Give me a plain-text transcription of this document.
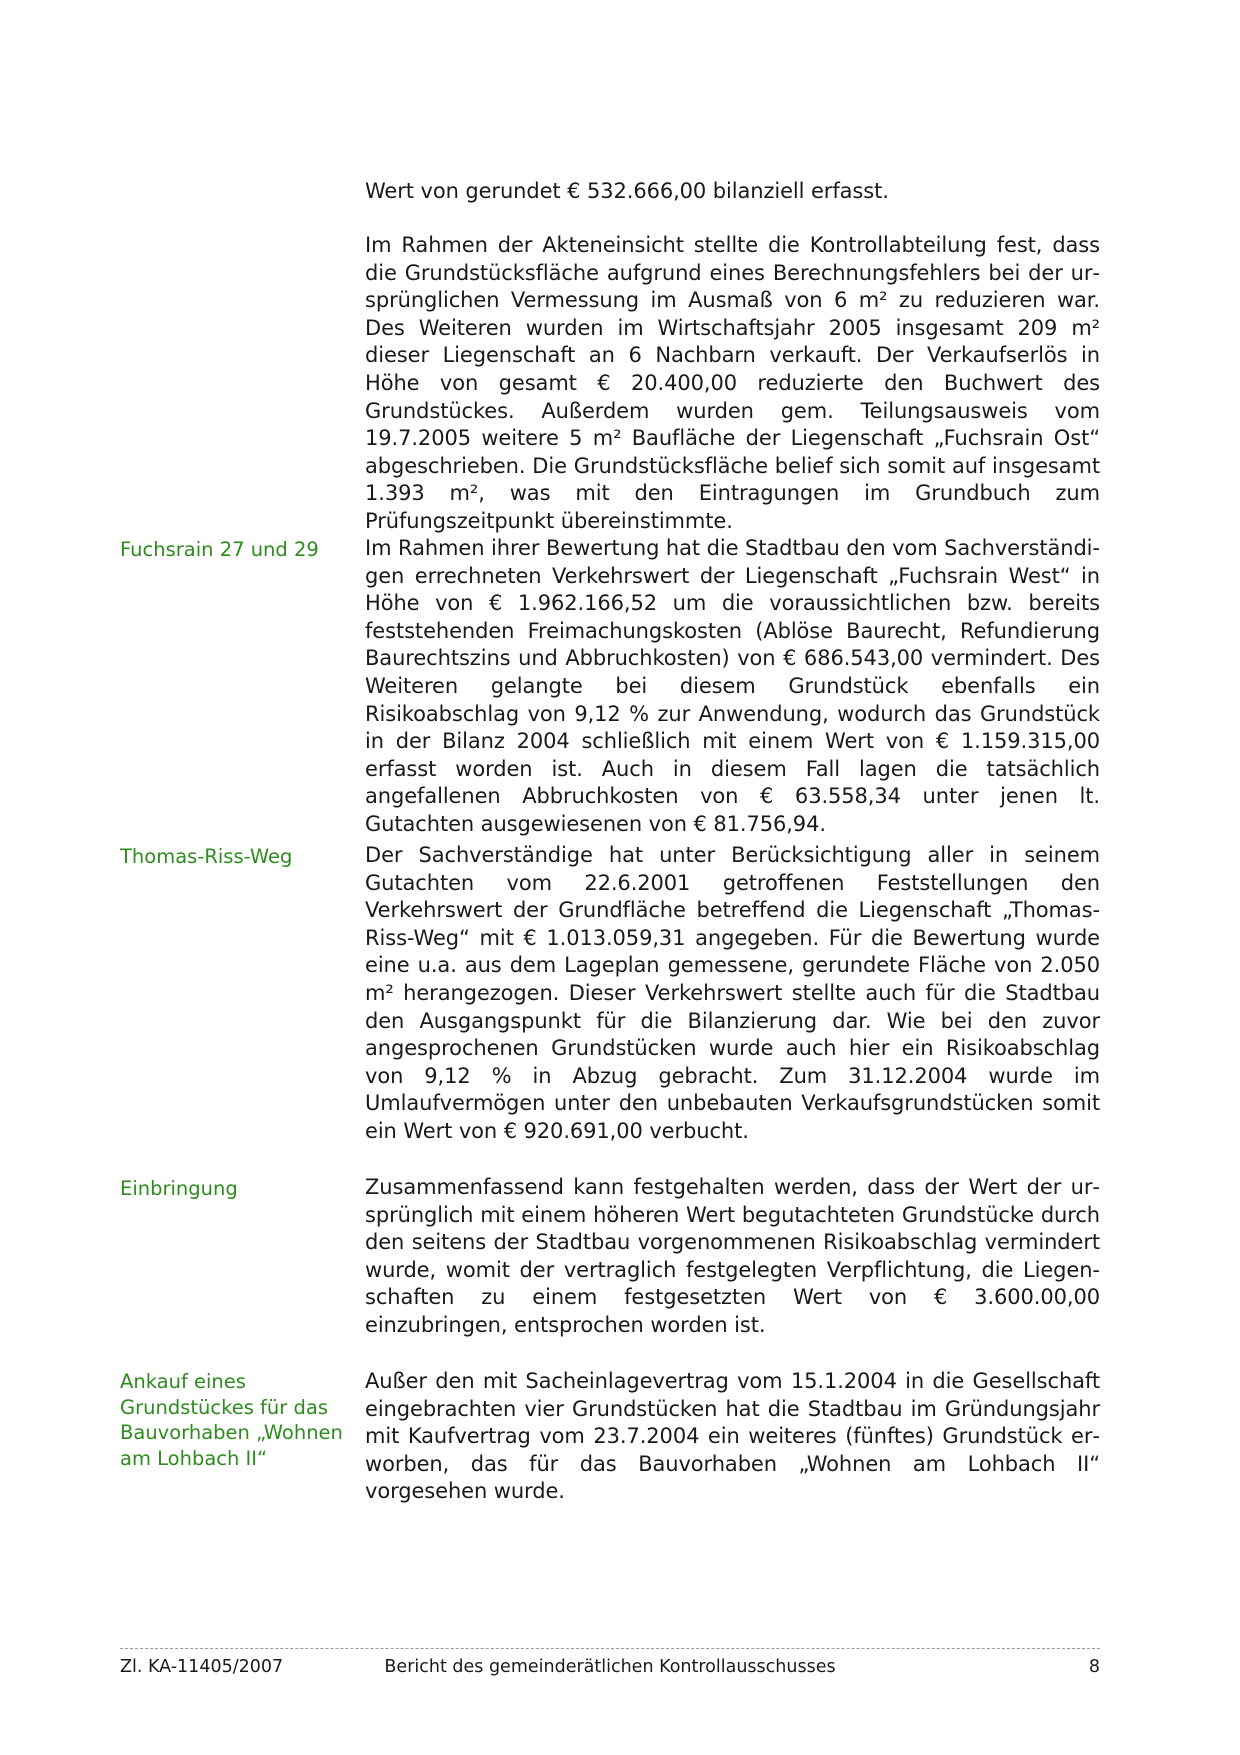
Wert von gerundet € 532.666,00 bilanziell erfasst.
Im Rahmen der Akteneinsicht stellte die Kontrollabteilung fest, dass die Grundstücksfläche aufgrund eines Berechnungsfehlers bei der ursprünglichen Vermessung im Ausmaß von 6 m² zu reduzieren war. Des Weiteren wurden im Wirtschaftsjahr 2005 insgesamt 209 m² dieser Liegenschaft an 6 Nachbarn verkauft. Der Verkaufserlös in Höhe von gesamt € 20.400,00 reduzierte den Buchwert des Grundstückes. Außerdem wurden gem. Teilungsausweis vom 19.7.2005 weitere 5 m² Baufläche der Liegenschaft „Fuchsrain Ost“ abgeschrieben. Die Grundstücksfläche belief sich somit auf insgesamt 1.393 m², was mit den Eintragungen im Grundbuch zum Prüfungszeitpunkt übereinstimmte.
Fuchsrain 27 und 29	Im Rahmen ihrer Bewertung hat die Stadtbau den vom Sachverständigen errechneten Verkehrswert der Liegenschaft „Fuchsrain West“ in Höhe von € 1.962.166,52 um die voraussichtlichen bzw. bereits feststehenden Freimachungskosten (Ablöse Baurecht, Refundierung Baurechtszins und Abbruchkosten) von € 686.543,00 vermindert. Des Weiteren gelangte bei diesem Grundstück ebenfalls ein Risikoabschlag von 9,12 % zur Anwendung, wodurch das Grundstück in der Bilanz 2004 schließlich mit einem Wert von € 1.159.315,00 erfasst worden ist. Auch in diesem Fall lagen die tatsächlich angefallenen Abbruchkosten von € 63.558,34 unter jenen lt. Gutachten ausgewiesenen von € 81.756,94.
Thomas-Riss-Weg	Der Sachverständige hat unter Berücksichtigung aller in seinem Gutachten vom 22.6.2001 getroffenen Feststellungen den Verkehrswert der Grundfläche betreffend die Liegenschaft „Thomas-Riss-Weg“ mit € 1.013.059,31 angegeben. Für die Bewertung wurde eine u.a. aus dem Lageplan gemessene, gerundete Fläche von 2.050 m² herangezogen. Dieser Verkehrswert stellte auch für die Stadtbau den Ausgangspunkt für die Bilanzierung dar. Wie bei den zuvor angesprochenen Grundstücken wurde auch hier ein Risikoabschlag von 9,12 % in Abzug gebracht. Zum 31.12.2004 wurde im Umlaufvermögen unter den unbebauten Verkaufsgrundstücken somit ein Wert von € 920.691,00 verbucht.
Einbringung	Zusammenfassend kann festgehalten werden, dass der Wert der ursprünglich mit einem höheren Wert begutachteten Grundstücke durch den seitens der Stadtbau vorgenommenen Risikoabschlag vermindert wurde, womit der vertraglich festgelegten Verpflichtung, die Liegenschaften zu einem festgesetzten Wert von € 3.600.00,00 einzubringen, entsprochen worden ist.
Ankauf eines Grundstückes für das Bauvorhaben „Wohnen am Lohbach II“
Außer den mit Sacheinlagevertrag vom 15.1.2004 in die Gesellschaft eingebrachten vier Grundstücken hat die Stadtbau im Gründungsjahr mit Kaufvertrag vom 23.7.2004 ein weiteres (fünftes) Grundstück erworben, das für das Bauvorhaben „Wohnen am Lohbach II“ vorgesehen wurde.
Zl. KA-11405/2007	Bericht des gemeinderätlichen Kontrollausschusses	8
